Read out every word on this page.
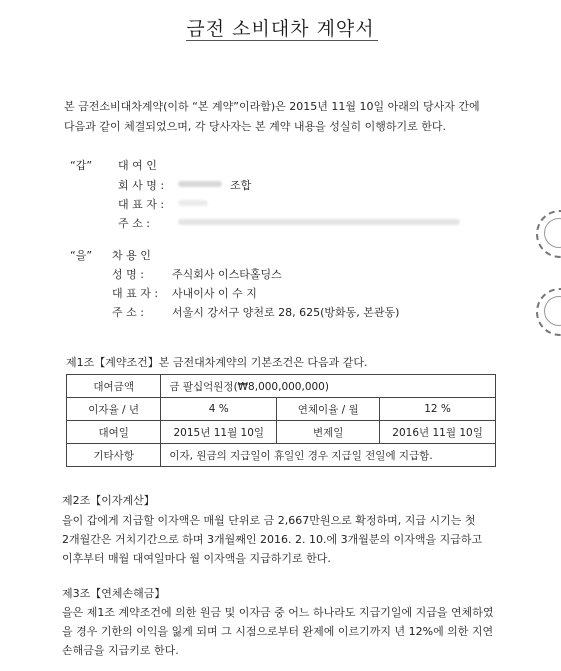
금전 소비대차 계약서
본 금전소비대차계약(이하 “본 계약”이라함)은 2015년 11월 10일 아래의 당사자 간에
다음과 같이 체결되었으며, 각 당사자는 본 계약 내용을 성실히 이행하기로 한다.
“갑” 대 여 인
회 사 명 :	조합
대 표 자 :
주 소 :
“을” 차 용 인
성 명 :	주식회사 이스타홀딩스
대 표 자 : 사내이사 이 수 지
주 소 :	서울시 강서구 양천로 28, 625(방화동, 본관동)
제1조【계약조건】본 금전대차계약의 기본조건은 다음과 같다.
대여금액	금 팔십억원정(₩8,000,000,000)		
이자율 / 년	4 %	연체이율 / 월	12 %
대여일	2015년 11월 10일	변제일	2016년 11월 10일
기타사항	이자, 원금의 지급일이 휴일인 경우 지급일 전일에 지급함.		
제2조【이자계산】
을이 갑에게 지급할 이자액은 매월 단위로 금 2,667만원으로 확정하며, 지급 시기는 첫
2개월간은 거치기간으로 하며 3개월째인 2016. 2. 10.에 3개월분의 이자액을 지급하고
이후부터 매월 대여일마다 월 이자액을 지급하기로 한다.
제3조【연체손해금】
을은 제1조 계약조건에 의한 원금 및 이자금 중 어느 하나라도 지급기일에 지급을 연체하였
을 경우 기한의 이익을 잃게 되며 그 시점으로부터 완제에 이르기까지 년 12%에 의한 지연
손해금을 지급키로 한다.
